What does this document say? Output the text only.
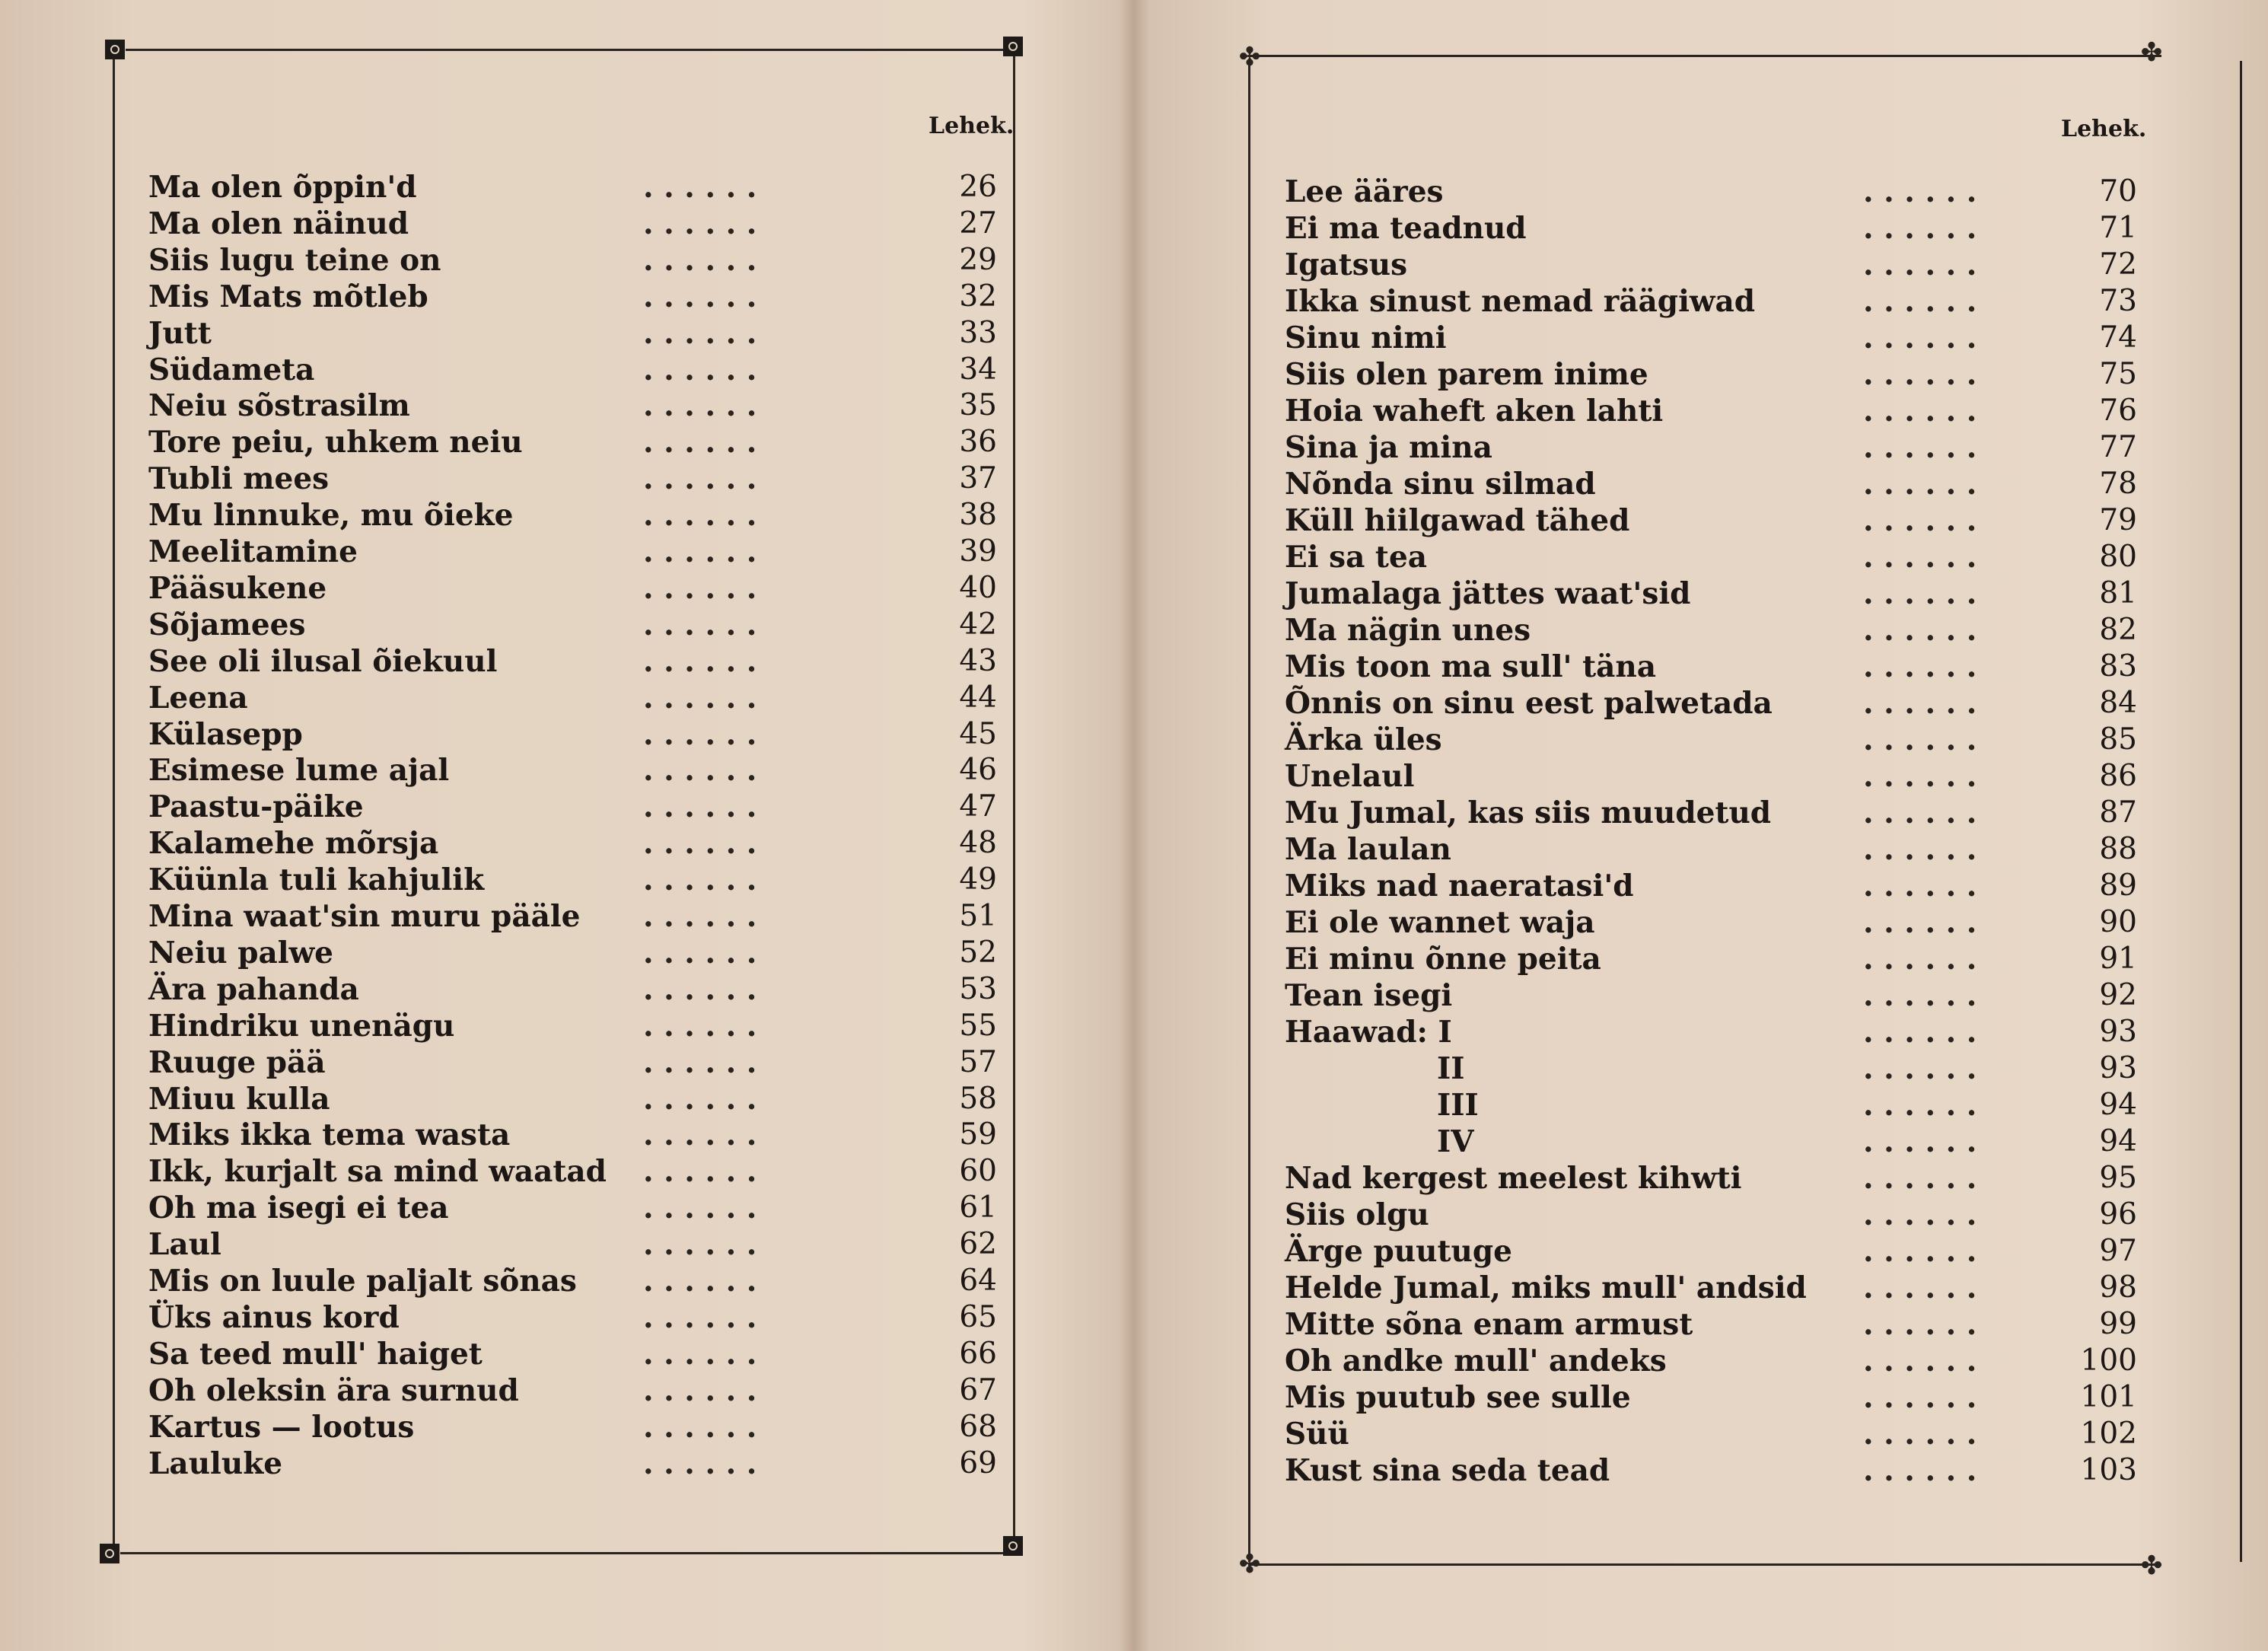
Lehek.
Ma olen õppin'd	. . . . . .	26
Ma olen näinud	. . . . . .	27
Siis lugu teine on	. . . . . .	29
Mis Mats mõtleb	. . . . . .	32
Jutt	. . . . . .	33
Südameta	. . . . . .	34
Neiu sõstrasilm	. . . . . .	35
Tore peiu, uhkem neiu	. . . . . .	36
Tubli mees	. . . . . .	37
Mu linnuke, mu õieke	. . . . . .	38
Meelitamine	. . . . . .	39
Pääsukene	. . . . . .	40
Sõjamees	. . . . . .	42
See oli ilusal õiekuul	. . . . . .	43
Leena	. . . . . .	44
Külasepp	. . . . . .	45
Esimese lume ajal	. . . . . .	46
Paastu-päike	. . . . . .	47
Kalamehe mõrsja	. . . . . .	48
Küünla tuli kahjulik	. . . . . .	49
Mina waat'sin muru pääle . . . . . .	51
Neiu palwe	. . . . . .	52
Ära pahanda	. . . . . .	53
Hindriku unenägu	. . . . . .	55
Ruuge pää	. . . . . .	57
Miuu kulla	. . . . . .	58
Miks ikka tema wasta	. . . . . .	59
Ikk, kurjalt sa mind waatad . . . . . .	60
Oh ma isegi ei tea	. . . . . .	61
Laul	. . . . . .	62
Mis on luule paljalt sõnas . . . . . .	64
Üks ainus kord	. . . . . .	65
Sa teed mull' haiget	. . . . . .	66
Oh oleksin ära surnud	. . . . . .	67
Kartus — lootus	. . . . . .	68
Lauluke	. . . . . .	69
✤	✤
✤	✤
Lehek.
Lee ääres	. . . . . .	70
Ei ma teadnud	. . . . . .	71
Igatsus	. . . . . .	72
Ikka sinust nemad räägiwad	. . . . . .	73
Sinu nimi	. . . . . .	74
Siis olen parem inime	. . . . . .	75
Hoia waheft aken lahti	. . . . . .	76
Sina ja mina	. . . . . .	77
Nõnda sinu silmad	. . . . . .	78
Küll hiilgawad tähed	. . . . . .	79
Ei sa tea	. . . . . .	80
Jumalaga jättes waat'sid	. . . . . .	81
Ma nägin unes	. . . . . .	82
Mis toon ma sull' täna	. . . . . .	83
Õnnis on sinu eest palwetada	. . . . . .	84
Ärka üles	. . . . . .	85
Unelaul	. . . . . .	86
Mu Jumal, kas siis muudetud	. . . . . .	87
Ma laulan	. . . . . .	88
Miks nad naeratasi'd	. . . . . .	89
Ei ole wannet waja	. . . . . .	90
Ei minu õnne peita	. . . . . .	91
Tean isegi	. . . . . .	92
Haawad: I	. . . . . .	93
II	. . . . . .	93
III	. . . . . .	94
IV	. . . . . .	94
Nad kergest meelest kihwti	. . . . . .	95
Siis olgu	. . . . . .	96
Ärge puutuge	. . . . . .	97
Helde Jumal, miks mull' andsid . . . . . .	98
Mitte sõna enam armust	. . . . . .	99
Oh andke mull' andeks	. . . . . .	100
Mis puutub see sulle	. . . . . .	101
Süü	. . . . . .	102
Kust sina seda tead	. . . . . .	103
